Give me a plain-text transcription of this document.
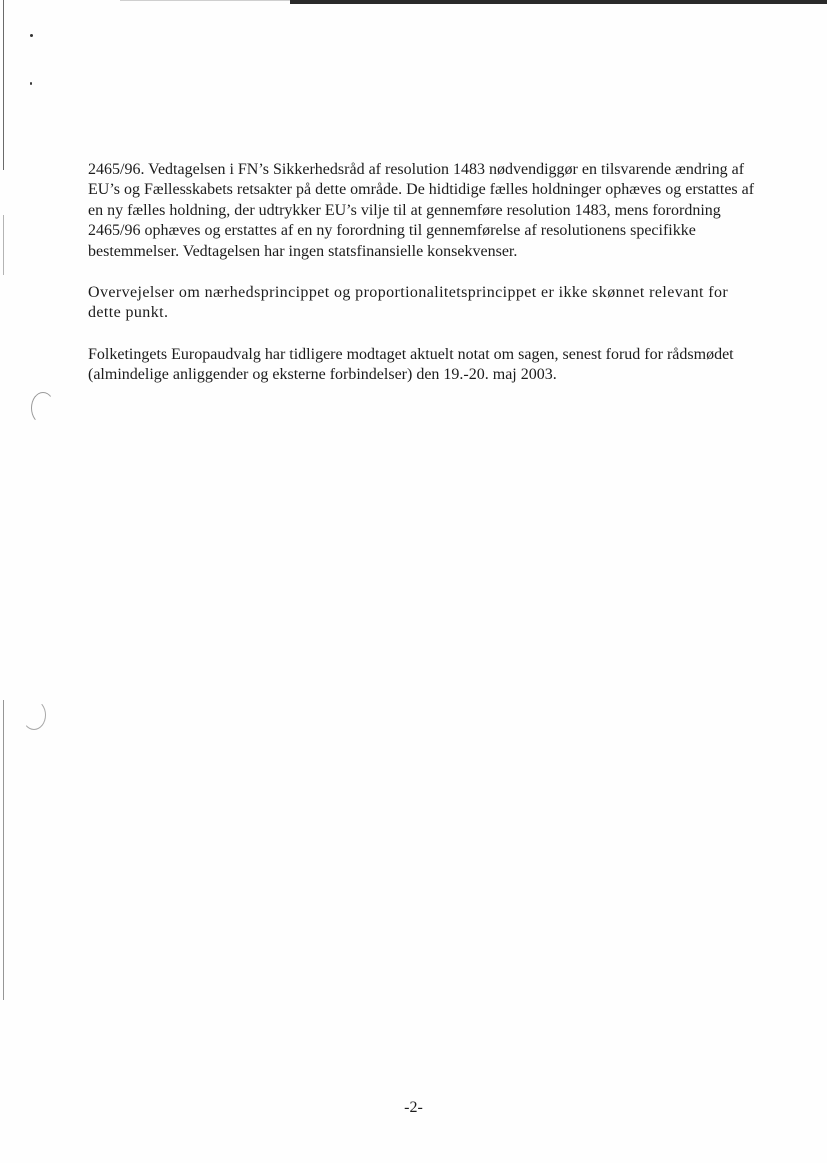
2465/96. Vedtagelsen i FN’s Sikkerhedsråd af resolution 1483 nødvendiggør en tilsvarende ændring af EU’s og Fællesskabets retsakter på dette område. De hidtidige fælles holdninger ophæves og erstattes af en ny fælles holdning, der udtrykker EU’s vilje til at gennemføre resolution 1483, mens forordning 2465/96 ophæves og erstattes af en ny forordning til gennemførelse af resolutionens specifikke bestemmelser. Vedtagelsen har ingen statsfinansielle konsekvenser.

Overvejelser om nærhedsprincippet og proportionalitetsprincippet er ikke skønnet relevant for dette punkt.

Folketingets Europaudvalg har tidligere modtaget aktuelt notat om sagen, senest forud for rådsmødet (almindelige anliggender og eksterne forbindelser) den 19.-20. maj 2003.

-2-
